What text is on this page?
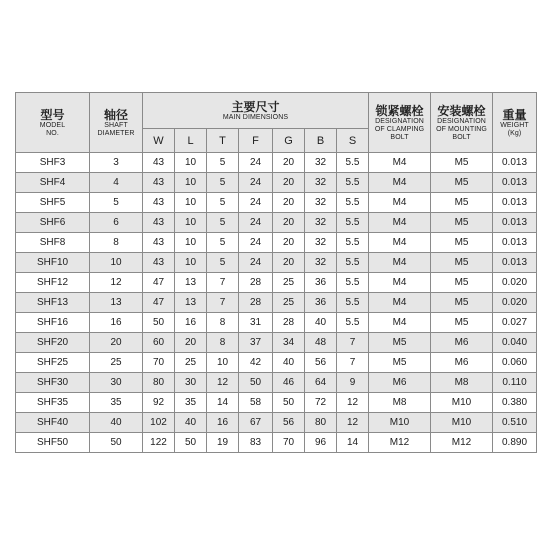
型号
MODEL
NO.	轴径
SHAFT
DIAMETER	主要尺寸
MAIN DIMENSIONS							锁紧螺栓
DESIGNATION
OF CLAMPING
BOLT	安装螺栓
DESIGNATION
OF MOUNTING
BOLT	重量
WEIGHT
(Kg)

		W	L	T	F	G	B	S			
SHF3	3	43	10	5	24	20	32	5.5	M4	M5	0.013
SHF4	4	43	10	5	24	20	32	5.5	M4	M5	0.013
SHF5	5	43	10	5	24	20	32	5.5	M4	M5	0.013
SHF6	6	43	10	5	24	20	32	5.5	M4	M5	0.013
SHF8	8	43	10	5	24	20	32	5.5	M4	M5	0.013
SHF10	10	43	10	5	24	20	32	5.5	M4	M5	0.013
SHF12	12	47	13	7	28	25	36	5.5	M4	M5	0.020
SHF13	13	47	13	7	28	25	36	5.5	M4	M5	0.020
SHF16	16	50	16	8	31	28	40	5.5	M4	M5	0.027
SHF20	20	60	20	8	37	34	48	7	M5	M6	0.040
SHF25	25	70	25	10	42	40	56	7	M5	M6	0.060
SHF30	30	80	30	12	50	46	64	9	M6	M8	0.110
SHF35	35	92	35	14	58	50	72	12	M8	M10	0.380
SHF40	40	102	40	16	67	56	80	12	M10	M10	0.510
SHF50	50	122	50	19	83	70	96	14	M12	M12	0.890
